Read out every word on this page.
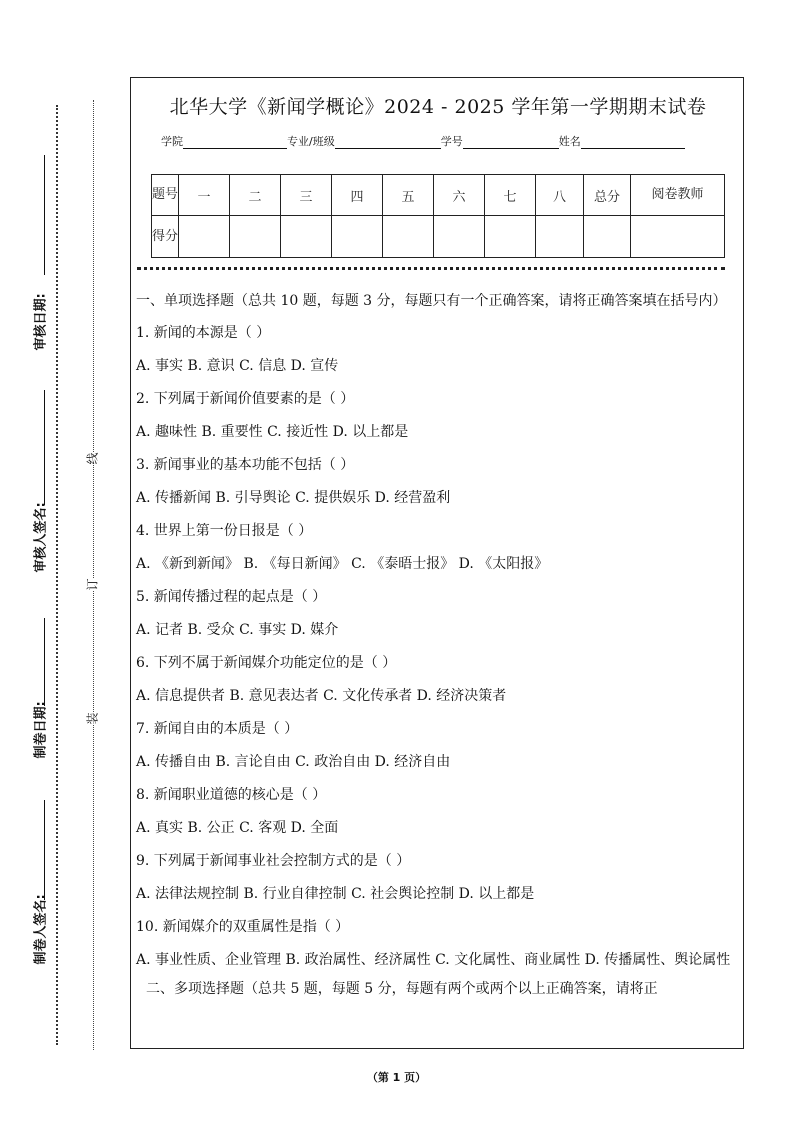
审核日期:
审核人签名:
制卷日期:
制卷人签名:
线
订
装
北华大学《新闻学概论》2024 - 2025 学年第一学期期末试卷
学院	专业/班级	学号	姓名
题号	一	二	三	四	五	六	七	八	总分	阅卷教师
得分										

一、单项选择题（总共 10 题，每题 3 分，每题只有一个正确答案，请将正确答案填在括号内）

1. 新闻的本源是（ ）

A. 事实 B. 意识 C. 信息 D. 宣传

2. 下列属于新闻价值要素的是（ ）

A. 趣味性 B. 重要性 C. 接近性 D. 以上都是

3. 新闻事业的基本功能不包括（ ）

A. 传播新闻 B. 引导舆论 C. 提供娱乐 D. 经营盈利

4. 世界上第一份日报是（ ）

A. 《新到新闻》 B. 《每日新闻》 C. 《泰晤士报》 D. 《太阳报》

5. 新闻传播过程的起点是（ ）

A. 记者 B. 受众 C. 事实 D. 媒介

6. 下列不属于新闻媒介功能定位的是（ ）

A. 信息提供者 B. 意见表达者 C. 文化传承者 D. 经济决策者

7. 新闻自由的本质是（ ）

A. 传播自由 B. 言论自由 C. 政治自由 D. 经济自由

8. 新闻职业道德的核心是（ ）

A. 真实 B. 公正 C. 客观 D. 全面

9. 下列属于新闻事业社会控制方式的是（ ）

A. 法律法规控制 B. 行业自律控制 C. 社会舆论控制 D. 以上都是

10. 新闻媒介的双重属性是指（ ）

A. 事业性质、企业管理 B. 政治属性、经济属性 C. 文化属性、商业属性 D. 传播属性、舆论属性

二、多项选择题（总共 5 题，每题 5 分，每题有两个或两个以上正确答案，请将正

（第 1 页）
